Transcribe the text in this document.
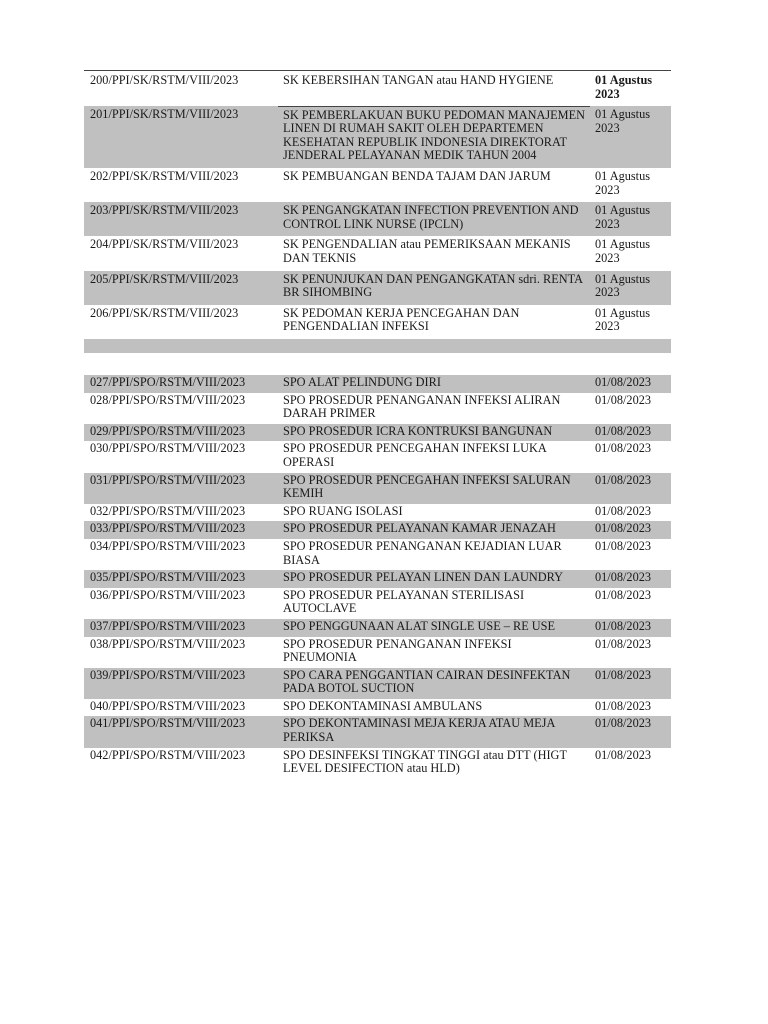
200/PPI/SK/RSTM/VIII/2023	SK KEBERSIHAN TANGAN atau HAND HYGIENE	01 Agustus 2023
201/PPI/SK/RSTM/VIII/2023	SK PEMBERLAKUAN BUKU PEDOMAN MANAJEMEN LINEN DI RUMAH SAKIT OLEH DEPARTEMEN KESEHATAN REPUBLIK INDONESIA DIREKTORAT JENDERAL PELAYANAN MEDIK TAHUN 2004	01 Agustus 2023
202/PPI/SK/RSTM/VIII/2023	SK PEMBUANGAN BENDA TAJAM DAN JARUM	01 Agustus 2023
203/PPI/SK/RSTM/VIII/2023	SK PENGANGKATAN INFECTION PREVENTION AND CONTROL LINK NURSE (IPCLN)	01 Agustus 2023
204/PPI/SK/RSTM/VIII/2023	SK PENGENDALIAN atau PEMERIKSAAN MEKANIS DAN TEKNIS	01 Agustus 2023
205/PPI/SK/RSTM/VIII/2023	SK PENUNJUKAN DAN PENGANGKATAN sdri. RENTA BR SIHOMBING	01 Agustus 2023
206/PPI/SK/RSTM/VIII/2023	SK PEDOMAN KERJA PENCEGAHAN DAN PENGENDALIAN INFEKSI	01 Agustus 2023

027/PPI/SPO/RSTM/VIII/2023	SPO ALAT PELINDUNG DIRI	01/08/2023
028/PPI/SPO/RSTM/VIII/2023	SPO PROSEDUR PENANGANAN INFEKSI ALIRAN DARAH PRIMER	01/08/2023
029/PPI/SPO/RSTM/VIII/2023	SPO PROSEDUR ICRA KONTRUKSI BANGUNAN	01/08/2023
030/PPI/SPO/RSTM/VIII/2023	SPO PROSEDUR PENCEGAHAN INFEKSI LUKA OPERASI	01/08/2023
031/PPI/SPO/RSTM/VIII/2023	SPO PROSEDUR PENCEGAHAN INFEKSI SALURAN KEMIH	01/08/2023
032/PPI/SPO/RSTM/VIII/2023	SPO RUANG ISOLASI	01/08/2023
033/PPI/SPO/RSTM/VIII/2023	SPO PROSEDUR PELAYANAN KAMAR JENAZAH	01/08/2023
034/PPI/SPO/RSTM/VIII/2023	SPO PROSEDUR PENANGANAN KEJADIAN LUAR BIASA	01/08/2023
035/PPI/SPO/RSTM/VIII/2023	SPO PROSEDUR PELAYAN LINEN DAN LAUNDRY	01/08/2023
036/PPI/SPO/RSTM/VIII/2023	SPO PROSEDUR PELAYANAN STERILISASI AUTOCLAVE	01/08/2023
037/PPI/SPO/RSTM/VIII/2023	SPO PENGGUNAAN ALAT SINGLE USE – RE USE	01/08/2023
038/PPI/SPO/RSTM/VIII/2023	SPO PROSEDUR PENANGANAN INFEKSI PNEUMONIA	01/08/2023
039/PPI/SPO/RSTM/VIII/2023	SPO CARA PENGGANTIAN CAIRAN DESINFEKTAN PADA BOTOL SUCTION	01/08/2023
040/PPI/SPO/RSTM/VIII/2023	SPO DEKONTAMINASI AMBULANS	01/08/2023
041/PPI/SPO/RSTM/VIII/2023	SPO DEKONTAMINASI MEJA KERJA ATAU MEJA PERIKSA	01/08/2023
042/PPI/SPO/RSTM/VIII/2023	SPO DESINFEKSI TINGKAT TINGGI atau DTT (HIGT LEVEL DESIFECTION atau HLD)	01/08/2023
